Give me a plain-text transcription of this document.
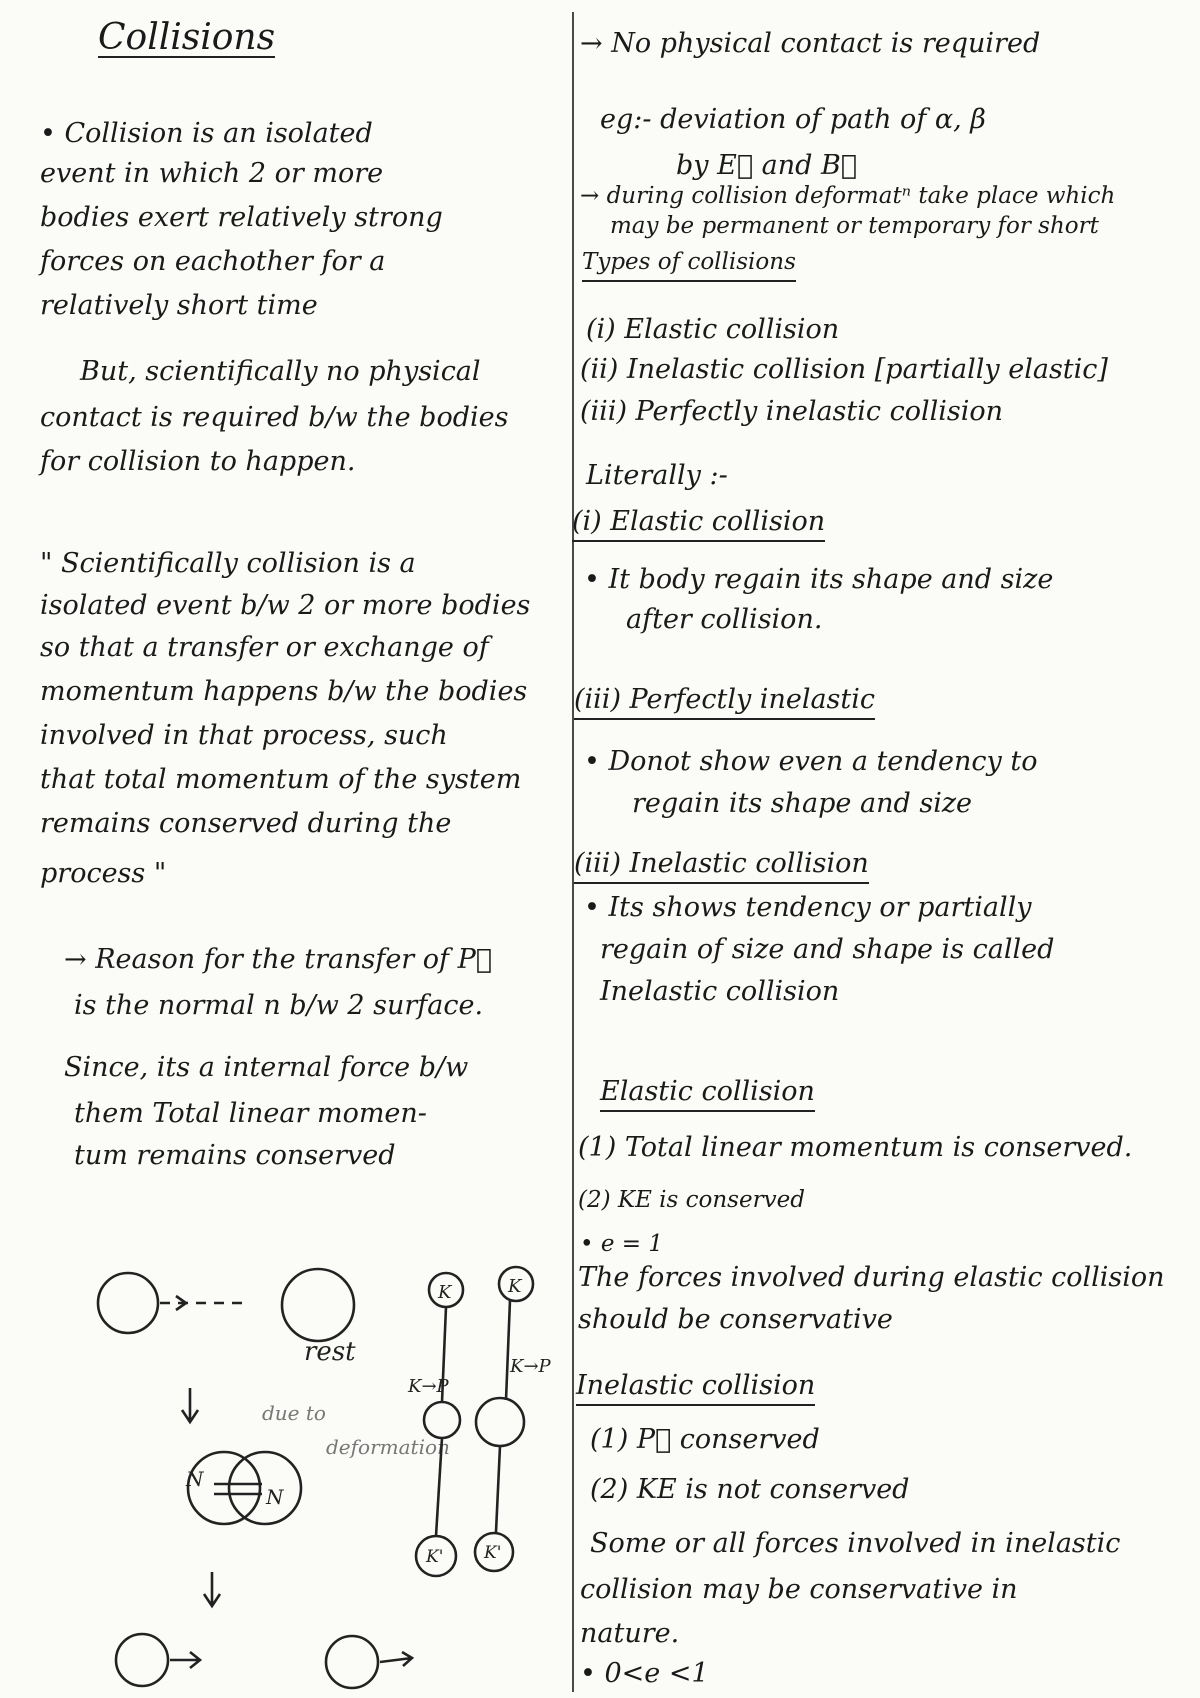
Collisions
• Collision is an isolated
event in which 2 or more
bodies exert relatively strong
forces on eachother for a
relatively short time
But, scientifically no physical
contact is required b/w the bodies
for collision to happen.
" Scientifically collision is a
isolated event b/w 2 or more bodies
so that a transfer or exchange of
momentum happens b/w the bodies
involved in that process, such
that total momentum of the system
remains conserved during the
process "
→ Reason for the transfer of P⃗
is the normal n b/w 2 surface.
Since, its a internal force b/w
them Total linear momen-
tum remains conserved
rest
due to
deformation
N
N
K
K→P
K'
K
K→P
K'
→ No physical contact is required
eg:- deviation of path of α, β
by E⃗ and B⃗
→ during collision deformatⁿ take place which
may be permanent or temporary for short
Types of collisions
(i) Elastic collision
(ii) Inelastic collision [partially elastic]
(iii) Perfectly inelastic collision
Literally :-
(i) Elastic collision
• It body regain its shape and size
after collision.
(iii) Perfectly inelastic
• Donot show even a tendency to
regain its shape and size
(iii) Inelastic collision
• Its shows tendency or partially
regain of size and shape is called
Inelastic collision
Elastic collision
(1) Total linear momentum is conserved.
(2) KE is conserved
• e = 1
The forces involved during elastic collision
should be conservative
Inelastic collision
(1) P⃗ conserved
(2) KE is not conserved
Some or all forces involved in inelastic
collision may be conservative in
nature.
• 0<e <1
